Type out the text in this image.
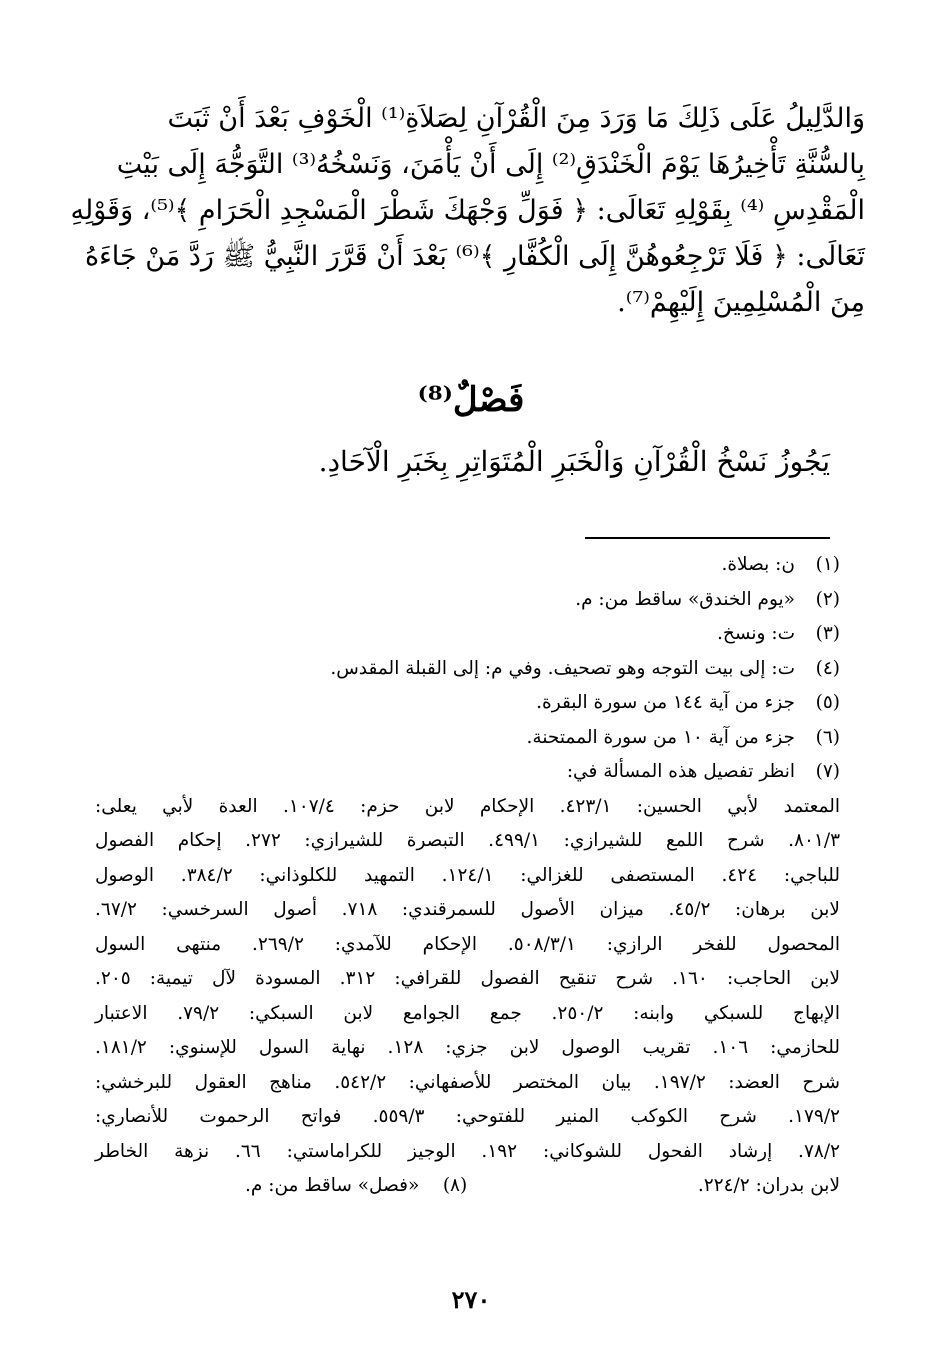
وَالدَّلِيلُ عَلَى ذَلِكَ مَا وَرَدَ مِنَ الْقُرْآنِ لِصَلاَةِ⁽¹⁾ الْخَوْفِ بَعْدَ أَنْ ثَبَتَ
بِالسُّنَّةِ تَأْخِيرُهَا يَوْمَ الْخَنْدَقِ⁽²⁾ إِلَى أَنْ يَأْمَنَ، وَنَسْخُهُ⁽³⁾ التَّوَجُّهَ إِلَى بَيْتِ
الْمَقْدِسِ ⁽⁴⁾ بِقَوْلِهِ تَعَالَى: ﴿ فَوَلِّ وَجْهَكَ شَطْرَ الْمَسْجِدِ الْحَرَامِ ﴾⁽⁵⁾، وَقَوْلِهِ
تَعَالَى: ﴿ فَلَا تَرْجِعُوهُنَّ إِلَى الْكُفَّارِ ﴾⁽⁶⁾ بَعْدَ أَنْ قَرَّرَ النَّبِيُّ ﷺ رَدَّ مَنْ جَاءَهُ
مِنَ الْمُسْلِمِينَ إِلَيْهِمْ⁽⁷⁾.
فَصْلٌ⁽⁸⁾
يَجُوزُ نَسْخُ الْقُرْآنِ وَالْخَبَرِ الْمُتَوَاتِرِ بِخَبَرِ الْآحَادِ.
(١)
ن: بصلاة.
(٢)
«يوم الخندق» ساقط من: م.
(٣)
ت: ونسخ.
(٤)
ت: إلى بيت التوجه وهو تصحيف. وفي م: إلى القبلة المقدس.
(٥)
جزء من آية ١٤٤ من سورة البقرة.
(٦)
جزء من آية ١٠ من سورة الممتحنة.
(٧)
انظر تفصيل هذه المسألة في:
المعتمد لأبي الحسين: ٤٢٣/١. الإحكام لابن حزم: ١٠٧/٤. العدة لأبي يعلى:
٨٠١/٣. شرح اللمع للشيرازي: ٤٩٩/١. التبصرة للشيرازي: ٢٧٢. إحكام الفصول
للباجي: ٤٢٤. المستصفى للغزالي: ١٢٤/١. التمهيد للكلوذاني: ٣٨٤/٢. الوصول
لابن برهان: ٤٥/٢. ميزان الأصول للسمرقندي: ٧١٨. أصول السرخسي: ٦٧/٢.
المحصول للفخر الرازي: ٥٠٨/٣/١. الإحكام للآمدي: ٢٦٩/٢. منتهى السول
لابن الحاجب: ١٦٠. شرح تنقيح الفصول للقرافي: ٣١٢. المسودة لآل تيمية: ٢٠٥.
الإبهاج للسبكي وابنه: ٢٥٠/٢. جمع الجوامع لابن السبكي: ٧٩/٢. الاعتبار
للحازمي: ١٠٦. تقريب الوصول لابن جزي: ١٢٨. نهاية السول للإسنوي: ١٨١/٢.
شرح العضد: ١٩٧/٢. بيان المختصر للأصفهاني: ٥٤٢/٢. مناهج العقول للبرخشي:
١٧٩/٢. شرح الكوكب المنير للفتوحي: ٥٥٩/٣. فواتح الرحموت للأنصاري:
٧٨/٢. إرشاد الفحول للشوكاني: ١٩٢. الوجيز للكراماستي: ٦٦. نزهة الخاطر
لابن بدران: ٢٢٤/٢.
(٨)    «فصل» ساقط من: م.
٢٧٠
